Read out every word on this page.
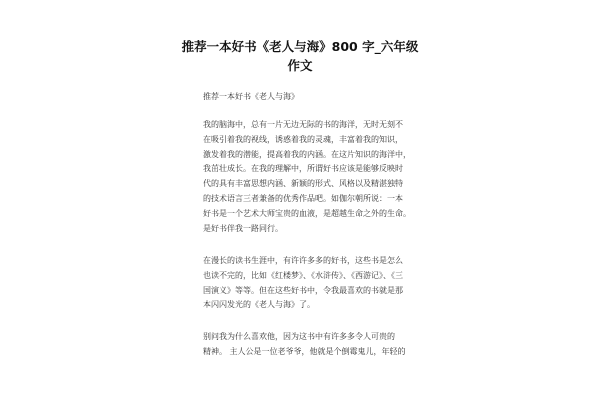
推荐一本好书《老人与海》800 字_六年级
作文
推荐一本好书《老人与海》
我的脑海中，总有一片无边无际的书的海洋，无时无刻不
在吸引着我的视线，诱惑着我的灵魂，丰富着我的知识，
激发着我的潜能，提高着我的内涵。在这片知识的海洋中，
我茁壮成长。在我的理解中，所谓好书应该是能够反映时
代的具有丰富思想内涵、新颖的形式、风格以及精湛独特
的技术语言三者兼备的优秀作品吧。如伽尔朝所说：一本
好书是一个艺术大师宝贵的血液，是超越生命之外的生命。
是好书伴我一路同行。
在漫长的读书生涯中，有许许多多的好书，这些书是怎么
也读不完的，比如《红楼梦》、《水浒传》、《西游记》、《三
国演义》等等。但在这些好书中，令我最喜欢的书就是那
本闪闪发光的《老人与海》了。
别问我为什么喜欢他，因为这书中有许多多令人可贵的
精神。 主人公是一位老爷爷，他就是个倒霉鬼儿，年轻的
